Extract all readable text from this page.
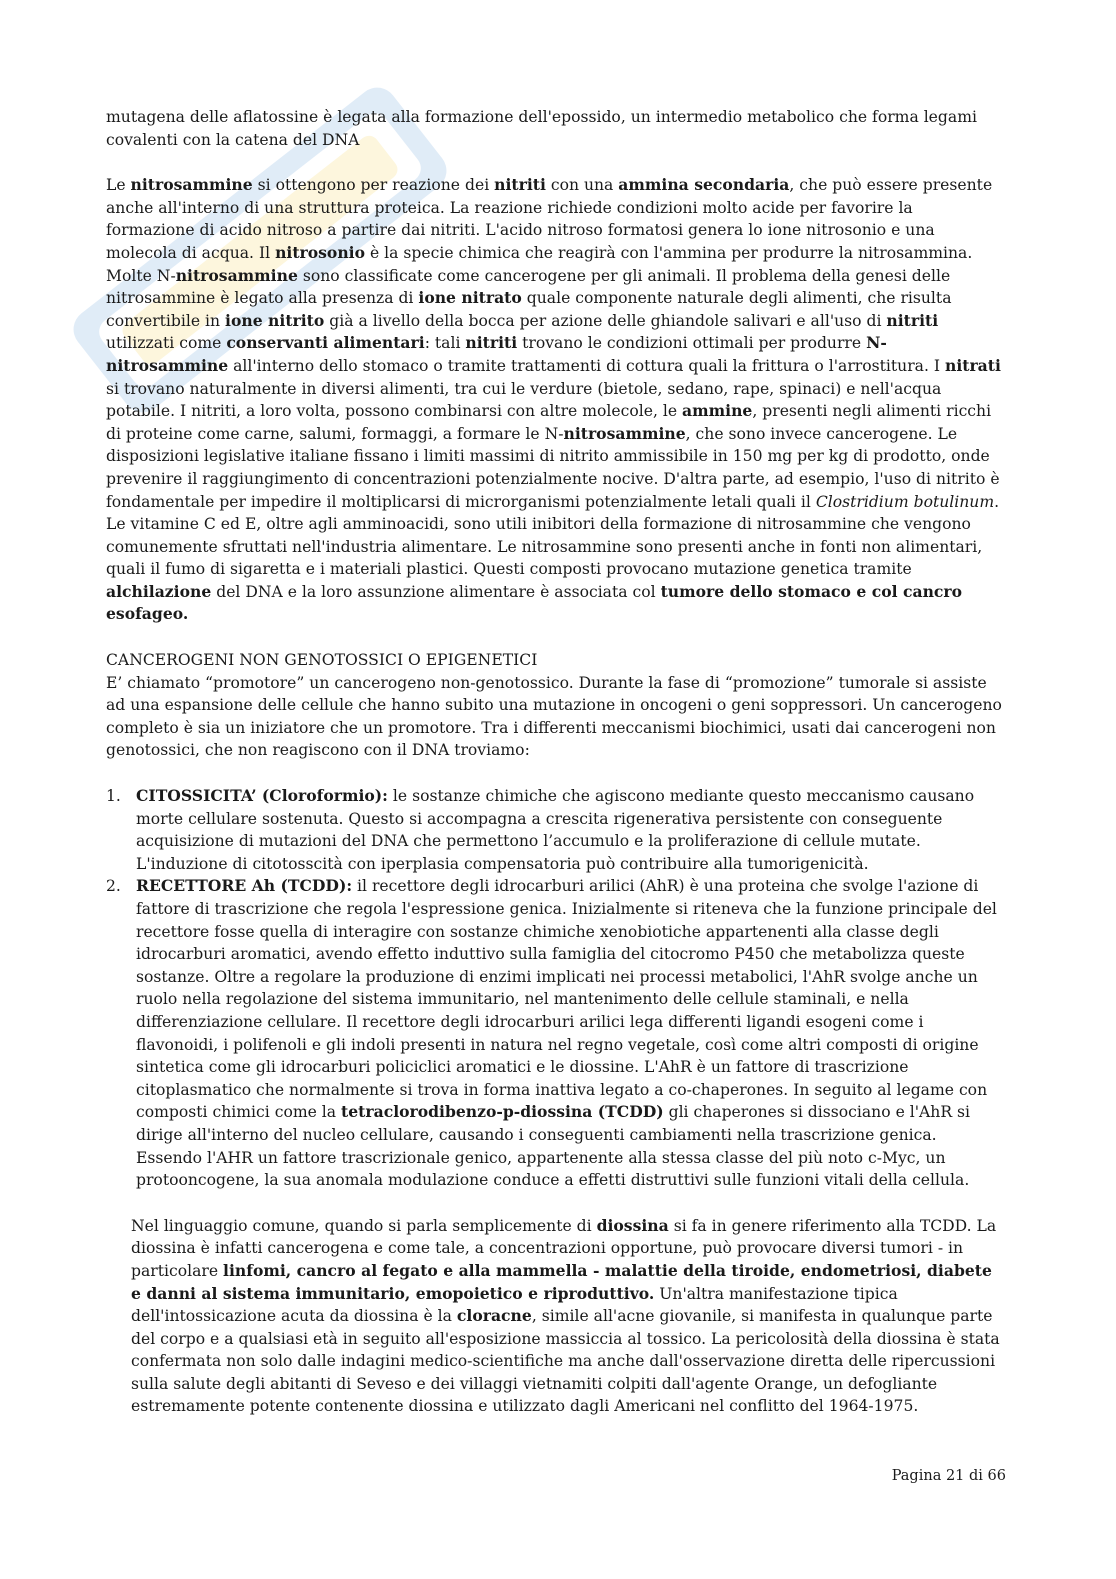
mutagena delle aflatossine è legata alla formazione dell'epossido, un intermedio metabolico che forma legami covalenti con la catena del DNA

Le nitrosammine si ottengono per reazione dei nitriti con una ammina secondaria, che può essere presente anche all'interno di una struttura proteica. La reazione richiede condizioni molto acide per favorire la formazione di acido nitroso a partire dai nitriti. L'acido nitroso formatosi genera lo ione nitrosonio e una molecola di acqua. Il nitrosonio è la specie chimica che reagirà con l'ammina per produrre la nitrosammina. Molte N-nitrosammine sono classificate come cancerogene per gli animali. Il problema della genesi delle nitrosammine è legato alla presenza di ione nitrato quale componente naturale degli alimenti, che risulta convertibile in ione nitrito già a livello della bocca per azione delle ghiandole salivari e all'uso di nitriti utilizzati come conservanti alimentari: tali nitriti trovano le condizioni ottimali per produrre N-nitrosammine all'interno dello stomaco o tramite trattamenti di cottura quali la frittura o l'arrostitura. I nitrati si trovano naturalmente in diversi alimenti, tra cui le verdure (bietole, sedano, rape, spinaci) e nell'acqua potabile. I nitriti, a loro volta, possono combinarsi con altre molecole, le ammine, presenti negli alimenti ricchi di proteine come carne, salumi, formaggi, a formare le N-nitrosammine, che sono invece cancerogene. Le disposizioni legislative italiane fissano i limiti massimi di nitrito ammissibile in 150 mg per kg di prodotto, onde prevenire il raggiungimento di concentrazioni potenzialmente nocive. D'altra parte, ad esempio, l'uso di nitrito è fondamentale per impedire il moltiplicarsi di microrganismi potenzialmente letali quali il Clostridium botulinum. Le vitamine C ed E, oltre agli amminoacidi, sono utili inibitori della formazione di nitrosammine che vengono comunemente sfruttati nell'industria alimentare. Le nitrosammine sono presenti anche in fonti non alimentari, quali il fumo di sigaretta e i materiali plastici. Questi composti provocano mutazione genetica tramite alchilazione del DNA e la loro assunzione alimentare è associata col tumore dello stomaco e col cancro esofageo.

CANCEROGENI NON GENOTOSSICI O EPIGENETICI

E’ chiamato “promotore” un cancerogeno non-genotossico. Durante la fase di “promozione” tumorale si assiste ad una espansione delle cellule che hanno subito una mutazione in oncogeni o geni soppressori. Un cancerogeno completo è sia un iniziatore che un promotore. Tra i differenti meccanismi biochimici, usati dai cancerogeni non genotossici, che non reagiscono con il DNA troviamo:

1. CITOSSICITA’ (Cloroformio): le sostanze chimiche che agiscono mediante questo meccanismo causano morte cellulare sostenuta. Questo si accompagna a crescita rigenerativa persistente con conseguente acquisizione di mutazioni del DNA che permettono l’accumulo e la proliferazione di cellule mutate. L'induzione di citotosscità con iperplasia compensatoria può contribuire alla tumorigenicità.
2. RECETTORE Ah (TCDD): il recettore degli idrocarburi arilici (AhR) è una proteina che svolge l'azione di fattore di trascrizione che regola l'espressione genica. Inizialmente si riteneva che la funzione principale del recettore fosse quella di interagire con sostanze chimiche xenobiotiche appartenenti alla classe degli idrocarburi aromatici, avendo effetto induttivo sulla famiglia del citocromo P450 che metabolizza queste sostanze. Oltre a regolare la produzione di enzimi implicati nei processi metabolici, l'AhR svolge anche un ruolo nella regolazione del sistema immunitario, nel mantenimento delle cellule staminali, e nella differenziazione cellulare. Il recettore degli idrocarburi arilici lega differenti ligandi esogeni come i flavonoidi, i polifenoli e gli indoli presenti in natura nel regno vegetale, così come altri composti di origine sintetica come gli idrocarburi policiclici aromatici e le diossine. L'AhR è un fattore di trascrizione citoplasmatico che normalmente si trova in forma inattiva legato a co-chaperones. In seguito al legame con composti chimici come la tetraclorodibenzo-p-diossina (TCDD) gli chaperones si dissociano e l'AhR si dirige all'interno del nucleo cellulare, causando i conseguenti cambiamenti nella trascrizione genica. Essendo l'AHR un fattore trascrizionale genico, appartenente alla stessa classe del più noto c-Myc, un protooncogene, la sua anomala modulazione conduce a effetti distruttivi sulle funzioni vitali della cellula.

Nel linguaggio comune, quando si parla semplicemente di diossina si fa in genere riferimento alla TCDD. La diossina è infatti cancerogena e come tale, a concentrazioni opportune, può provocare diversi tumori - in particolare linfomi, cancro al fegato e alla mammella - malattie della tiroide, endometriosi, diabete e danni al sistema immunitario, emopoietico e riproduttivo. Un'altra manifestazione tipica dell'intossicazione acuta da diossina è la cloracne, simile all'acne giovanile, si manifesta in qualunque parte del corpo e a qualsiasi età in seguito all'esposizione massiccia al tossico. La pericolosità della diossina è stata confermata non solo dalle indagini medico-scientifiche ma anche dall'osservazione diretta delle ripercussioni sulla salute degli abitanti di Seveso e dei villaggi vietnamiti colpiti dall'agente Orange, un defogliante estremamente potente contenente diossina e utilizzato dagli Americani nel conflitto del 1964-1975.

Pagina 21 di 66
